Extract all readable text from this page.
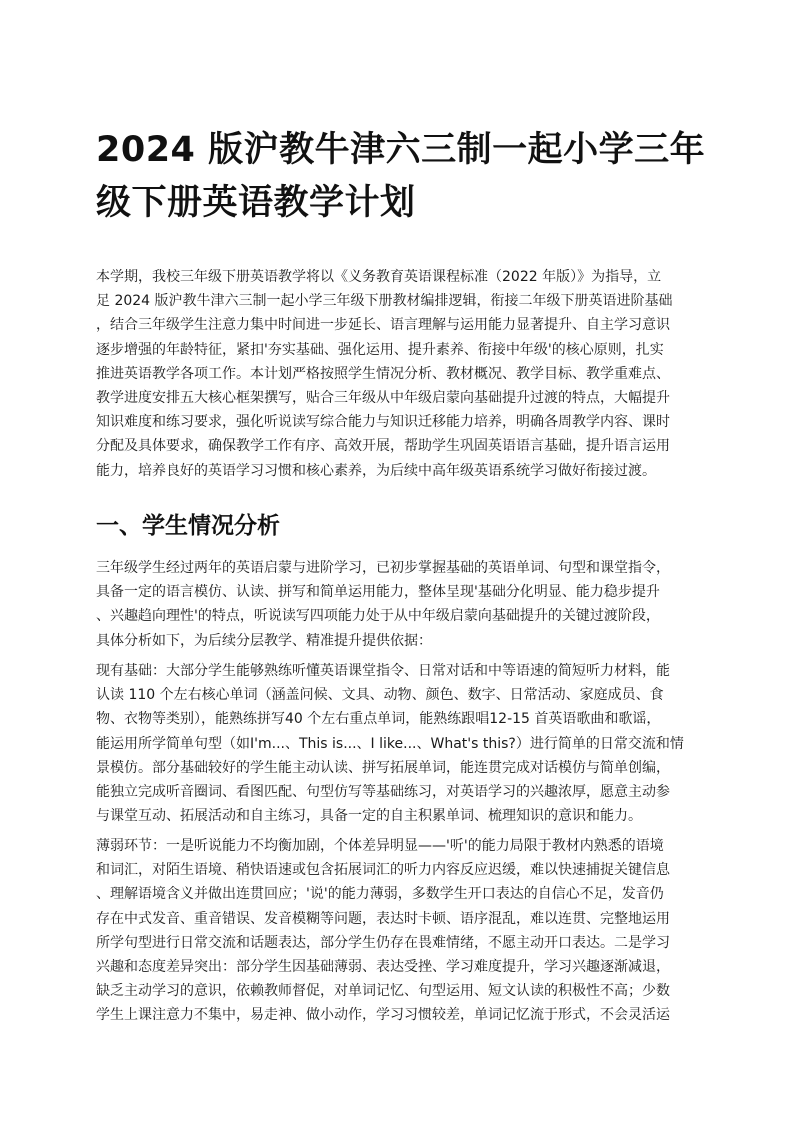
2024 版沪教牛津六三制一起小学三年
级下册英语教学计划
本学期，我校三年级下册英语教学将以《义务教育英语课程标准（2022 年版）》为指导，立
足 2024 版沪教牛津六三制一起小学三年级下册教材编排逻辑，衔接二年级下册英语进阶基础
，结合三年级学生注意力集中时间进一步延长、语言理解与运用能力显著提升、自主学习意识
逐步增强的年龄特征，紧扣'夯实基础、强化运用、提升素养、衔接中年级'的核心原则，扎实
推进英语教学各项工作。本计划严格按照学生情况分析、教材概况、教学目标、教学重难点、
教学进度安排五大核心框架撰写，贴合三年级从中年级启蒙向基础提升过渡的特点，大幅提升
知识难度和练习要求，强化听说读写综合能力与知识迁移能力培养，明确各周教学内容、课时
分配及具体要求，确保教学工作有序、高效开展，帮助学生巩固英语语言基础，提升语言运用
能力，培养良好的英语学习习惯和核心素养，为后续中高年级英语系统学习做好衔接过渡。
一、学生情况分析
三年级学生经过两年的英语启蒙与进阶学习，已初步掌握基础的英语单词、句型和课堂指令，
具备一定的语言模仿、认读、拼写和简单运用能力，整体呈现'基础分化明显、能力稳步提升
、兴趣趋向理性'的特点，听说读写四项能力处于从中年级启蒙向基础提升的关键过渡阶段，
具体分析如下，为后续分层教学、精准提升提供依据：
现有基础：大部分学生能够熟练听懂英语课堂指令、日常对话和中等语速的简短听力材料，能
认读 110 个左右核心单词（涵盖问候、文具、动物、颜色、数字、日常活动、家庭成员、食
物、衣物等类别），能熟练拼写40 个左右重点单词，能熟练跟唱12-15 首英语歌曲和歌谣，
能运用所学简单句型（如I'm...、This is...、I like...、What's this?）进行简单的日常交流和情
景模仿。部分基础较好的学生能主动认读、拼写拓展单词，能连贯完成对话模仿与简单创编，
能独立完成听音圈词、看图匹配、句型仿写等基础练习，对英语学习的兴趣浓厚，愿意主动参
与课堂互动、拓展活动和自主练习，具备一定的自主积累单词、梳理知识的意识和能力。
薄弱环节：一是听说能力不均衡加剧，个体差异明显——'听'的能力局限于教材内熟悉的语境
和词汇，对陌生语境、稍快语速或包含拓展词汇的听力内容反应迟缓，难以快速捕捉关键信息
、理解语境含义并做出连贯回应；'说'的能力薄弱，多数学生开口表达的自信心不足，发音仍
存在中式发音、重音错误、发音模糊等问题，表达时卡顿、语序混乱，难以连贯、完整地运用
所学句型进行日常交流和话题表达，部分学生仍存在畏难情绪，不愿主动开口表达。二是学习
兴趣和态度差异突出：部分学生因基础薄弱、表达受挫、学习难度提升，学习兴趣逐渐减退，
缺乏主动学习的意识，依赖教师督促，对单词记忆、句型运用、短文认读的积极性不高；少数
学生上课注意力不集中，易走神、做小动作，学习习惯较差，单词记忆流于形式，不会灵活运
